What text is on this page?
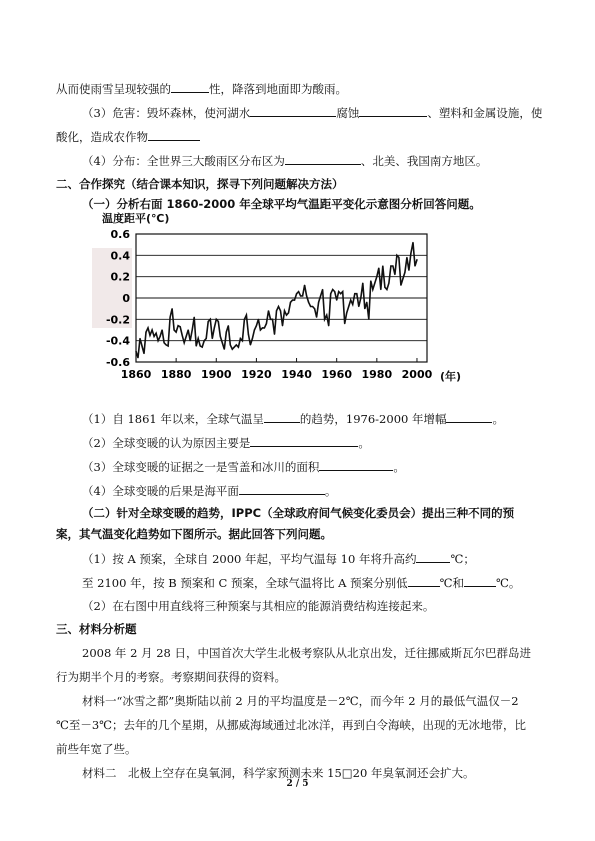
从而使雨雪呈现较强的	性，降落到地面即为酸雨。
（3）危害：毁坏森林，使河湖水	腐蚀	、塑料和金属设施，使
酸化，造成农作物
（4）分布：全世界三大酸雨区分布区为	、北美、我国南方地区。
二、合作探究（结合课本知识，探寻下列问题解决方法）
（一）分析右面 1860-2000 年全球平均气温距平变化示意图分析回答问题。
（1）自 1861 年以来，全球气温呈	的趋势，1976-2000 年增幅	。
（2）全球变暖的认为原因主要是	。
（3）全球变暖的证据之一是雪盖和冰川的面积	。
（4）全球变暖的后果是海平面	。
（二）针对全球变暖的趋势，IPPC（全球政府间气候变化委员会）提出三种不同的预
案，其气温变化趋势如下图所示。据此回答下列问题。
（1）按 A 预案，全球自 2000 年起，平均气温每 10 年将升高约	℃；
至 2100 年，按 B 预案和 C 预案，全球气温将比 A 预案分别低	℃和	℃。
（2）在右图中用直线将三种预案与其相应的能源消费结构连接起来。
三、材料分析题
2008 年 2 月 28 日，中国首次大学生北极考察队从北京出发，迁往挪威斯瓦尔巴群岛进
行为期半个月的考察。考察期间获得的资料。
材料一“冰雪之都”奥斯陆以前 2 月的平均温度是－2℃，而今年 2 月的最低气温仅－2
℃至－3℃；去年的几个星期，从挪威海域通过北冰洋，再到白令海峡，出现的无冰地带，比
前些年宽了些。
材料二　北极上空存在臭氧洞，科学家预测未来 15□20 年臭氧洞还会扩大。
温度距平(℃)
(年)
0.6
0.4
0.2
0
-0.2
-0.4
-0.6
1860 1880 1900 1920 1940 1960 1980 2000
2 / 5
